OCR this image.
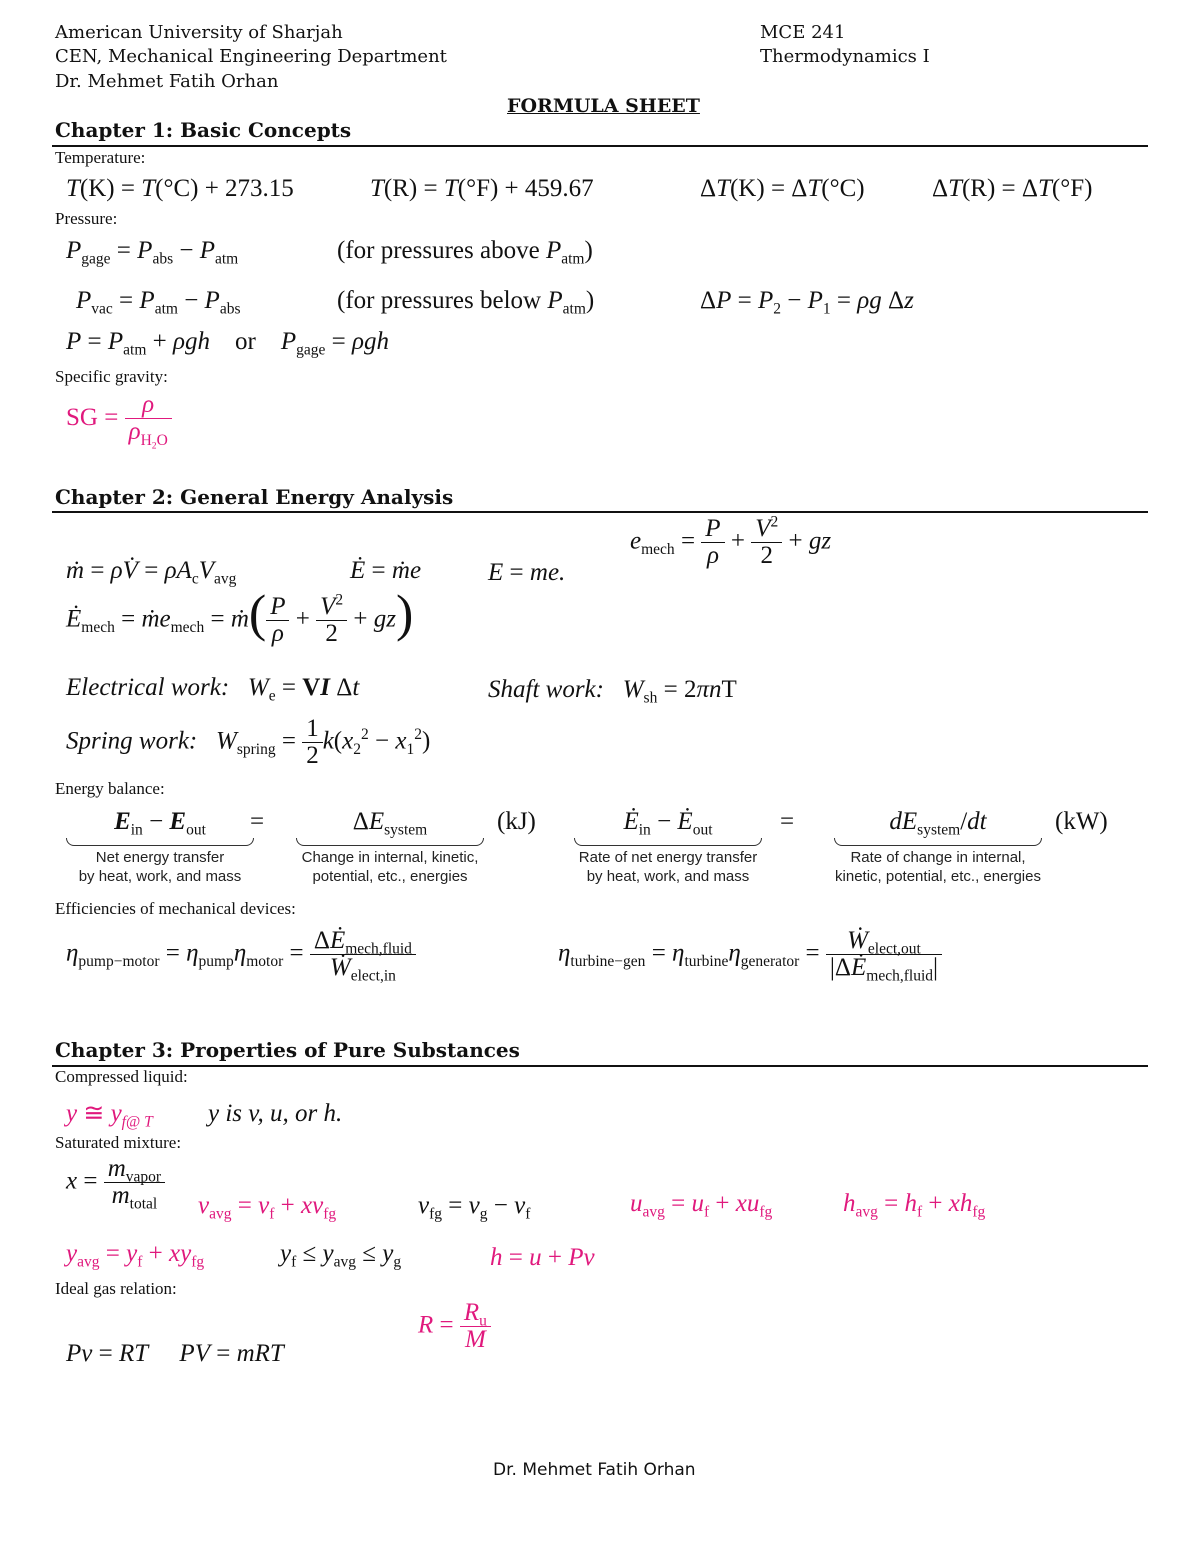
American University of Sharjah
CEN, Mechanical Engineering Department
Dr. Mehmet Fatih Orhan
MCE 241
Thermodynamics I
FORMULA SHEET
Chapter 1: Basic Concepts
Temperature:
T(K) = T(°C) + 273.15	T(R) = T(°F) + 459.67	ΔT(K) = ΔT(°C)	ΔT(R) = ΔT(°F)
Pressure:
$P_{gage} = P_{abs} - P_{atm}$	(for pressures above $P_{atm}$)
$P_{vac} = P_{atm} - P_{abs}$	(for pressures below $P_{atm}$)	$\Delta P = P_2 - P_1 = \rho g$ Δz
$P = P_{atm} + \rho gh$ or $P_{gage} = \rho gh$
Specific gravity:
SG = $\frac{\rho}{\rho_{H_2O}}$
Chapter 2: General Energy Analysis
ṁ = ρV̇ = $\rho A_cV_{avg}$	Ė = ṁe	E = me.
$e_{mech} = \frac{P}{\rho} + \frac{V^2}{2}$ + gz
$Ė_{mech}$ = ṁe$_{mech}$ = ṁ( $\frac{P}{\rho} + \frac{V^2}{2} + gz$)
Electrical work: $W_e$ = VI Δt	Shaft work: $W_{sh} = 2\pi nT$
Spring work: $W_{spring} = \frac{1}{2} k(x_2^2 - x_1^2)$
Energy balance:
$E_{in} - E_{out}$
Net energy transfer
by heat, work, and mass
=	$\Delta E_{system}$
Change in internal, kinetic,
potential, etc., energies
(kJ)	$Ė_{in}$ − $Ė_{out}$
Rate of net energy transfer
by heat, work, and mass
=	$dE_{system}/dt$
Rate of change in internal,
kinetic, potential, etc., energies
(kW)
Efficiencies of mechanical devices:
$\eta_{pump-motor} = \eta_{pump}\eta_{motor} = \frac{\Delta Ė_{mech,fluid}}{Ẇ_{elect,in}}$	$\eta_{turbine-gen} = \eta_{turbine}\eta_{generator} = \frac{Ẇ_{elect,out}}{|\Delta Ė_{mech,fluid}|}$
Chapter 3: Properties of Pure Substances
Compressed liquid:
y ≅ $y_{f@}$ $_T$ y is v, u, or h.
Saturated mixture:
$x = \frac{m_{vapor}}{m_{total}} v_{avg} = v_f + xv_{fg}$	$v_{fg} = v_g - v_f$	$u_{avg} = u_f + xu_{fg}$	$h_{avg} = h_f + xh_{fg}$
$y_{avg} = y_f + xy_{fg}$	$y_f \le y_{avg} \le y_g$	h = u + Pv
Ideal gas relation:
Pv = RT PV = mRT
$R = \frac{R_u}{M}$
Dr. Mehmet Fatih Orhan
